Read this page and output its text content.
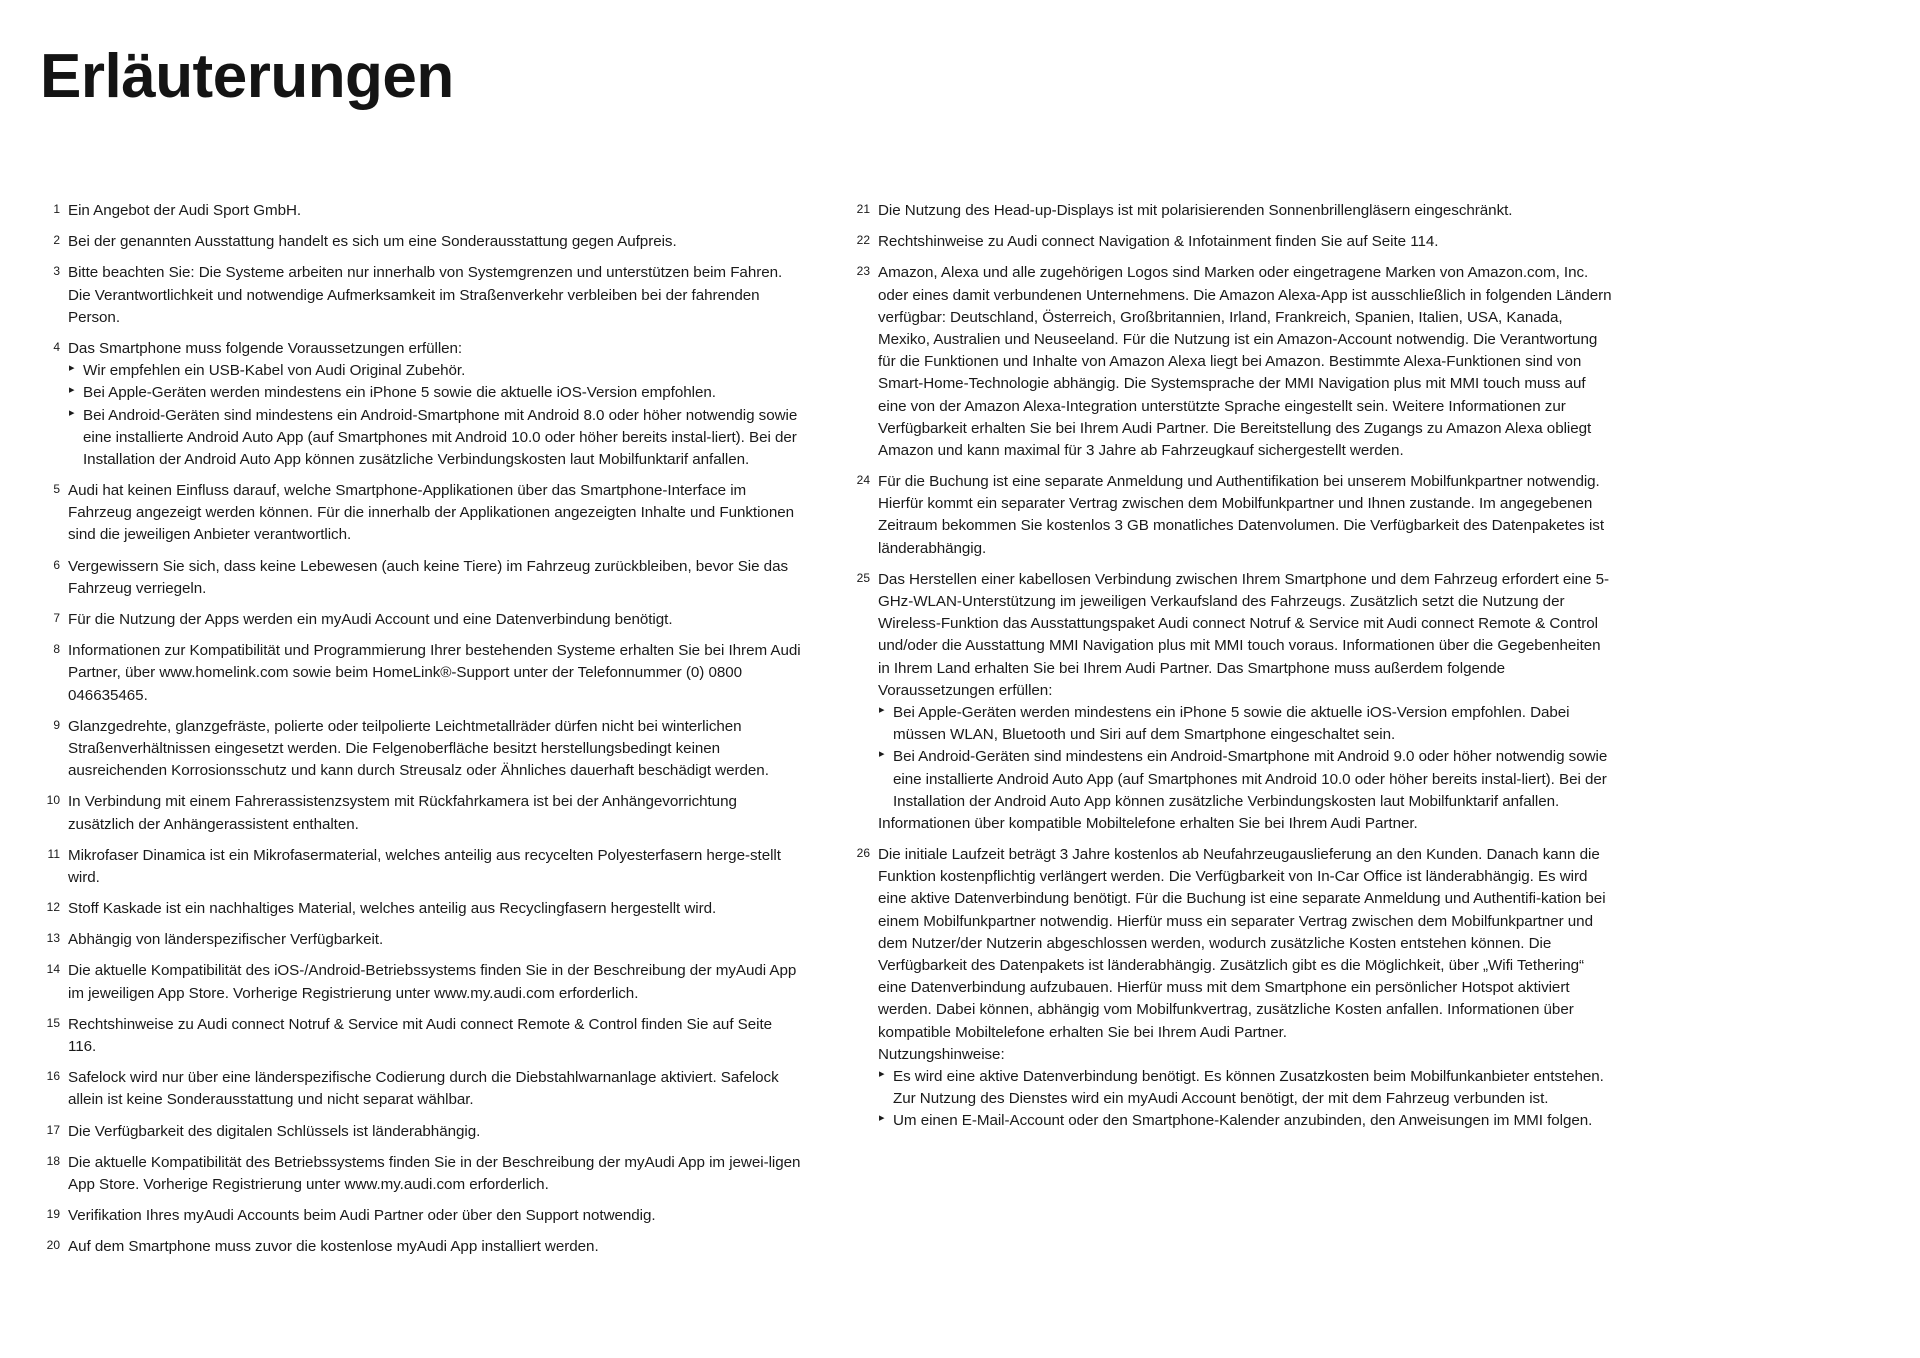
Erläuterungen
1 Ein Angebot der Audi Sport GmbH.

2 Bei der genannten Ausstattung handelt es sich um eine Sonderausstattung gegen Aufpreis.

3 Bitte beachten Sie: Die Systeme arbeiten nur innerhalb von Systemgrenzen und unterstützen beim Fahren. Die Verantwortlichkeit und notwendige Aufmerksamkeit im Straßenverkehr verbleiben bei der fahrenden Person.

4 Das Smartphone muss folgende Voraussetzungen erfüllen:

▸ Wir empfehlen ein USB-Kabel von Audi Original Zubehör.
▸ Bei Apple-Geräten werden mindestens ein iPhone 5 sowie die aktuelle iOS-Version empfohlen.
▸ Bei Android-Geräten sind mindestens ein Android-Smartphone mit Android 8.0 oder höher notwendig sowie eine installierte Android Auto App (auf Smartphones mit Android 10.0 oder höher bereits instal-liert). Bei der Installation der Android Auto App können zusätzliche Verbindungskosten laut Mobilfunktarif anfallen.
5 Audi hat keinen Einfluss darauf, welche Smartphone-Applikationen über das Smartphone-Interface im Fahrzeug angezeigt werden können. Für die innerhalb der Applikationen angezeigten Inhalte und Funktionen sind die jeweiligen Anbieter verantwortlich.

6 Vergewissern Sie sich, dass keine Lebewesen (auch keine Tiere) im Fahrzeug zurückbleiben, bevor Sie das Fahrzeug verriegeln.

7 Für die Nutzung der Apps werden ein myAudi Account und eine Datenverbindung benötigt.

8 Informationen zur Kompatibilität und Programmierung Ihrer bestehenden Systeme erhalten Sie bei Ihrem Audi Partner, über www.homelink.com sowie beim HomeLink®-Support unter der Telefonnummer (0) 0800 046635465.

9 Glanzgedrehte, glanzgefräste, polierte oder teilpolierte Leichtmetallräder dürfen nicht bei winterlichen Straßenverhältnissen eingesetzt werden. Die Felgenoberfläche besitzt herstellungsbedingt keinen ausreichenden Korrosionsschutz und kann durch Streusalz oder Ähnliches dauerhaft beschädigt werden.

10 In Verbindung mit einem Fahrerassistenzsystem mit Rückfahrkamera ist bei der Anhängevorrichtung zusätzlich der Anhängerassistent enthalten.

11 Mikrofaser Dinamica ist ein Mikrofasermaterial, welches anteilig aus recycelten Polyesterfasern herge-stellt wird.

12 Stoff Kaskade ist ein nachhaltiges Material, welches anteilig aus Recyclingfasern hergestellt wird.

13 Abhängig von länderspezifischer Verfügbarkeit.

14 Die aktuelle Kompatibilität des iOS-/Android-Betriebssystems finden Sie in der Beschreibung der myAudi App im jeweiligen App Store. Vorherige Registrierung unter www.my.audi.com erforderlich.

15 Rechtshinweise zu Audi connect Notruf & Service mit Audi connect Remote & Control finden Sie auf Seite 116.

16 Safelock wird nur über eine länderspezifische Codierung durch die Diebstahlwarnanlage aktiviert. Safelock allein ist keine Sonderausstattung und nicht separat wählbar.

17 Die Verfügbarkeit des digitalen Schlüssels ist länderabhängig.

18 Die aktuelle Kompatibilität des Betriebssystems finden Sie in der Beschreibung der myAudi App im jewei-ligen App Store. Vorherige Registrierung unter www.my.audi.com erforderlich.

19 Verifikation Ihres myAudi Accounts beim Audi Partner oder über den Support notwendig.

20 Auf dem Smartphone muss zuvor die kostenlose myAudi App installiert werden.

21 Die Nutzung des Head-up-Displays ist mit polarisierenden Sonnenbrillengläsern eingeschränkt.

22 Rechtshinweise zu Audi connect Navigation & Infotainment finden Sie auf Seite 114.

23 Amazon, Alexa und alle zugehörigen Logos sind Marken oder eingetragene Marken von Amazon.com, Inc. oder eines damit verbundenen Unternehmens. Die Amazon Alexa-App ist ausschließlich in folgenden Ländern verfügbar: Deutschland, Österreich, Großbritannien, Irland, Frankreich, Spanien, Italien, USA, Kanada, Mexiko, Australien und Neuseeland. Für die Nutzung ist ein Amazon-Account notwendig. Die Verantwortung für die Funktionen und Inhalte von Amazon Alexa liegt bei Amazon. Bestimmte Alexa-Funktionen sind von Smart-Home-Technologie abhängig. Die Systemsprache der MMI Navigation plus mit MMI touch muss auf eine von der Amazon Alexa-Integration unterstützte Sprache eingestellt sein. Weitere Informationen zur Verfügbarkeit erhalten Sie bei Ihrem Audi Partner. Die Bereitstellung des Zugangs zu Amazon Alexa obliegt Amazon und kann maximal für 3 Jahre ab Fahrzeugkauf sichergestellt werden.

24 Für die Buchung ist eine separate Anmeldung und Authentifikation bei unserem Mobilfunkpartner notwendig. Hierfür kommt ein separater Vertrag zwischen dem Mobilfunkpartner und Ihnen zustande. Im angegebenen Zeitraum bekommen Sie kostenlos 3 GB monatliches Datenvolumen. Die Verfügbarkeit des Datenpaketes ist länderabhängig.

25 Das Herstellen einer kabellosen Verbindung zwischen Ihrem Smartphone und dem Fahrzeug erfordert eine 5-GHz-WLAN-Unterstützung im jeweiligen Verkaufsland des Fahrzeugs. Zusätzlich setzt die Nutzung der Wireless-Funktion das Ausstattungspaket Audi connect Notruf & Service mit Audi connect Remote & Control und/oder die Ausstattung MMI Navigation plus mit MMI touch voraus. Informationen über die Gegebenheiten in Ihrem Land erhalten Sie bei Ihrem Audi Partner. Das Smartphone muss außerdem folgende Voraussetzungen erfüllen:

▸ Bei Apple-Geräten werden mindestens ein iPhone 5 sowie die aktuelle iOS-Version empfohlen. Dabei müssen WLAN, Bluetooth und Siri auf dem Smartphone eingeschaltet sein.
▸ Bei Android-Geräten sind mindestens ein Android-Smartphone mit Android 9.0 oder höher notwendig sowie eine installierte Android Auto App (auf Smartphones mit Android 10.0 oder höher bereits instal-liert). Bei der Installation der Android Auto App können zusätzliche Verbindungskosten laut Mobilfunktarif anfallen.

Informationen über kompatible Mobiltelefone erhalten Sie bei Ihrem Audi Partner.

26 Die initiale Laufzeit beträgt 3 Jahre kostenlos ab Neufahrzeugauslieferung an den Kunden. Danach kann die Funktion kostenpflichtig verlängert werden. Die Verfügbarkeit von In-Car Office ist länderabhängig. Es wird eine aktive Datenverbindung benötigt. Für die Buchung ist eine separate Anmeldung und Authentifi-kation bei einem Mobilfunkpartner notwendig. Hierfür muss ein separater Vertrag zwischen dem Mobilfunkpartner und dem Nutzer/der Nutzerin abgeschlossen werden, wodurch zusätzliche Kosten entstehen können. Die Verfügbarkeit des Datenpakets ist länderabhängig. Zusätzlich gibt es die Möglichkeit, über „Wifi Tethering“ eine Datenverbindung aufzubauen. Hierfür muss mit dem Smartphone ein persönlicher Hotspot aktiviert werden. Dabei können, abhängig vom Mobilfunkvertrag, zusätzliche Kosten anfallen. Informationen über kompatible Mobiltelefone erhalten Sie bei Ihrem Audi Partner.

Nutzungshinweise:

▸ Es wird eine aktive Datenverbindung benötigt. Es können Zusatzkosten beim Mobilfunkanbieter entstehen. Zur Nutzung des Dienstes wird ein myAudi Account benötigt, der mit dem Fahrzeug verbunden ist.
▸ Um einen E-Mail-Account oder den Smartphone-Kalender anzubinden, den Anweisungen im MMI folgen.
